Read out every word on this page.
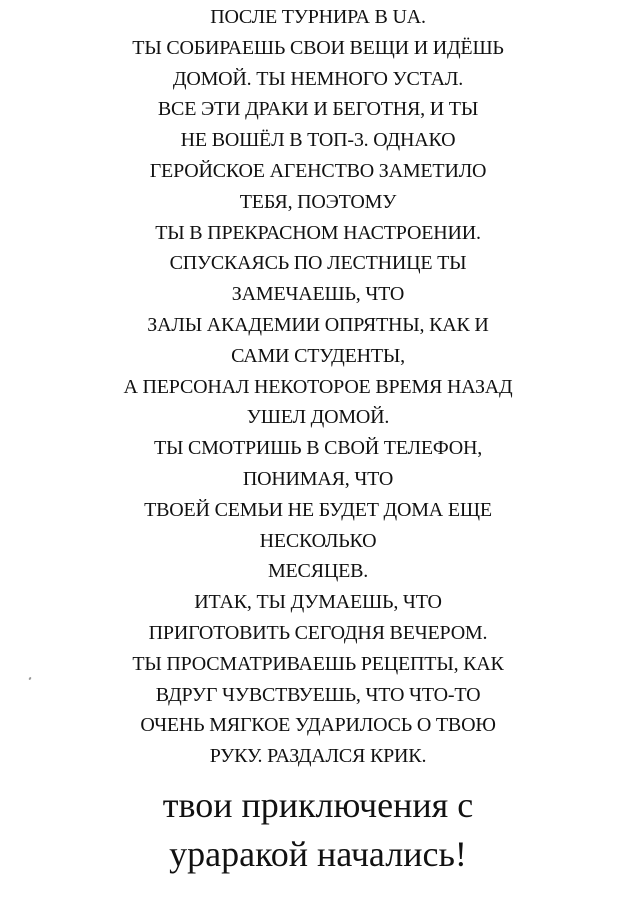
ПОСЛЕ ТУРНИРА В UA.
ТЫ СОБИРАЕШЬ СВОИ ВЕЩИ И ИДЁШЬ
ДОМОЙ. ТЫ НЕМНОГО УСТАЛ.
ВСЕ ЭТИ ДРАКИ И БЕГОТНЯ, И ТЫ
НЕ ВОШЁЛ В ТОП-3. ОДНАКО
ГЕРОЙСКОЕ АГЕНСТВО ЗАМЕТИЛО
ТЕБЯ, ПОЭТОМУ
ТЫ В ПРЕКРАСНОМ НАСТРОЕНИИ.
СПУСКАЯСЬ ПО ЛЕСТНИЦЕ ТЫ
ЗАМЕЧАЕШЬ, ЧТО
ЗАЛЫ АКАДЕМИИ ОПРЯТНЫ, КАК И
САМИ СТУДЕНТЫ,
А ПЕРСОНАЛ НЕКОТОРОЕ ВРЕМЯ НАЗАД
УШЕЛ ДОМОЙ.
ТЫ СМОТРИШЬ В СВОЙ ТЕЛЕФОН,
ПОНИМАЯ, ЧТО
ТВОЕЙ СЕМЬИ НЕ БУДЕТ ДОМА ЕЩЕ
НЕСКОЛЬКО
МЕСЯЦЕВ.
ИТАК, ТЫ ДУМАЕШЬ, ЧТО
ПРИГОТОВИТЬ СЕГОДНЯ ВЕЧЕРОМ.
ТЫ ПРОСМАТРИВАЕШЬ РЕЦЕПТЫ, КАК
ВДРУГ ЧУВСТВУЕШЬ, ЧТО ЧТО-ТО
ОЧЕНЬ МЯГКОЕ УДАРИЛОСЬ О ТВОЮ
РУКУ. РАЗДАЛСЯ КРИК.
твои приключения с
урарaкой начались!
